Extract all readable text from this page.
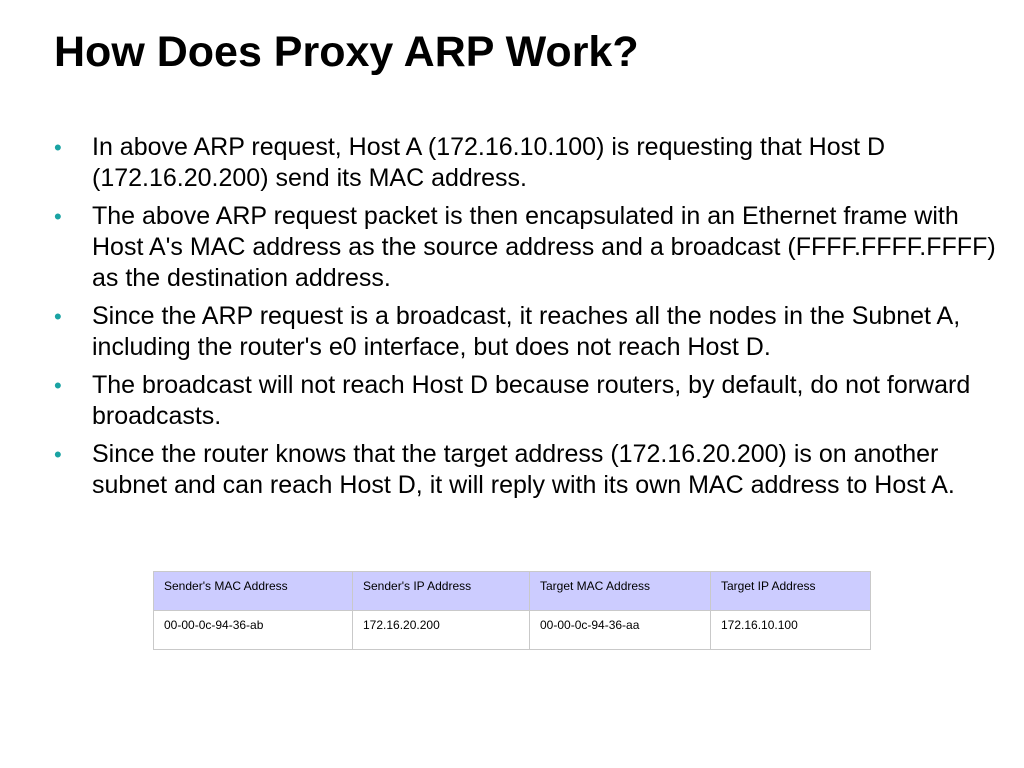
How Does Proxy ARP Work?
•	In above ARP request, Host A (172.16.10.100) is requesting that Host D (172.16.20.200) send its MAC address.
•	The above ARP request packet is then encapsulated in an Ethernet frame with Host A's MAC address as the source address and a broadcast (FFFF.FFFF.FFFF) as the destination address.
•	Since the ARP request is a broadcast, it reaches all the nodes in the Subnet A, including the router's e0 interface, but does not reach Host D.
•	The broadcast will not reach Host D because routers, by default, do not forward broadcasts.
•	Since the router knows that the target address (172.16.20.200) is on another subnet and can reach Host D, it will reply with its own MAC address to Host A.
Sender's MAC Address	Sender's IP Address	Target MAC Address	Target IP Address
00-00-0c-94-36-ab	172.16.20.200	00-00-0c-94-36-aa	172.16.10.100
